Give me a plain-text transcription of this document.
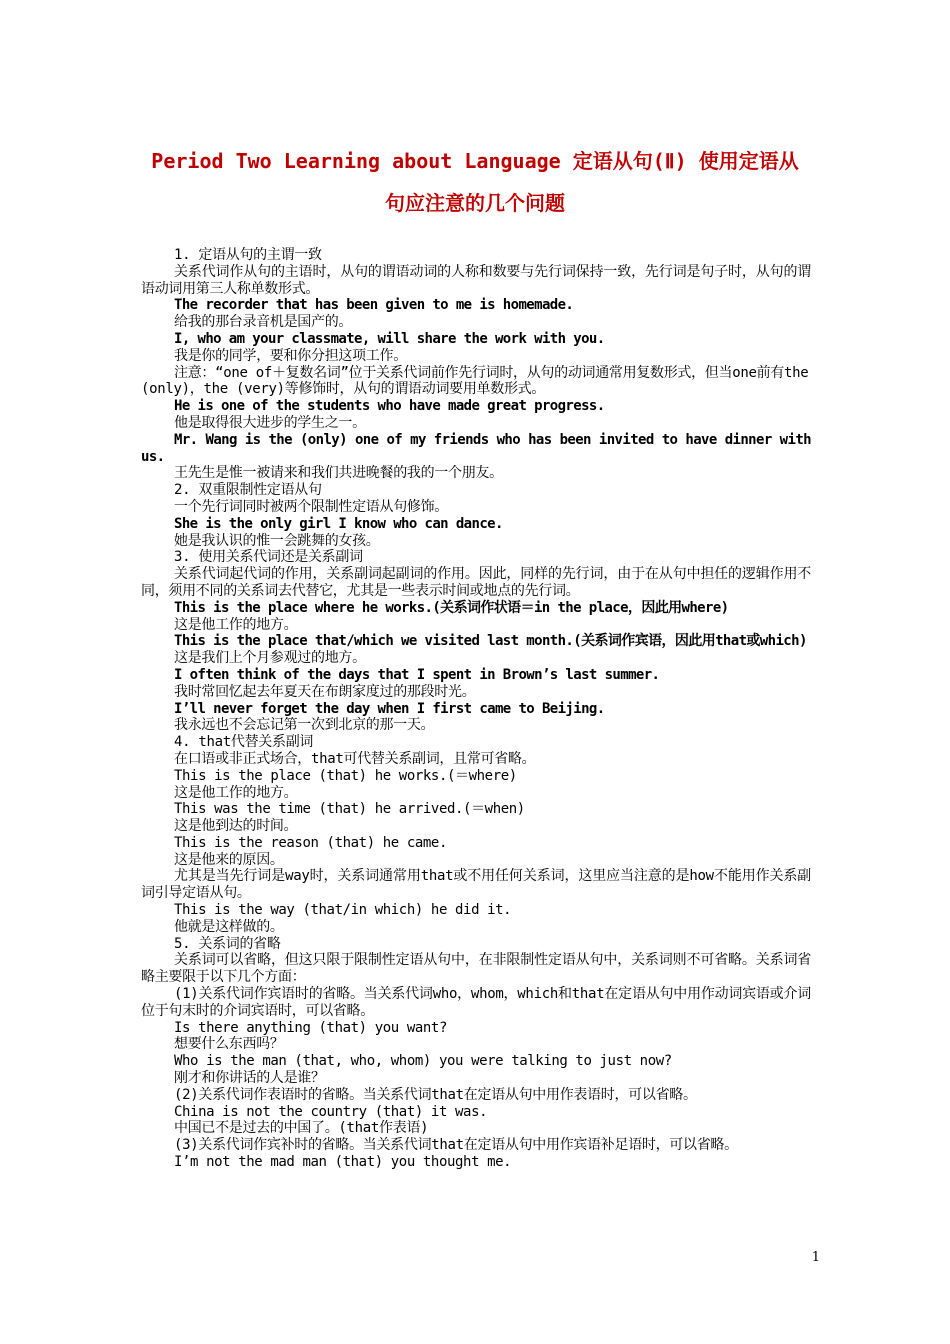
Period Two Learning about Language 定语从句(Ⅱ) 使用定语从
句应注意的几个问题

1. 定语从句的主谓一致

关系代词作从句的主语时，从句的谓语动词的人称和数要与先行词保持一致，先行词是句子时，从句的谓语动词用第三人称单数形式。

The recorder that has been given to me is homemade.

给我的那台录音机是国产的。

I, who am your classmate, will share the work with you.

我是你的同学，要和你分担这项工作。

注意：“one of＋复数名词”位于关系代词前作先行词时，从句的动词通常用复数形式，但当one前有the (only)，the (very)等修饰时，从句的谓语动词要用单数形式。

He is one of the students who have made great progress.

他是取得很大进步的学生之一。

Mr. Wang is the (only) one of my friends who has been invited to have dinner with us.

王先生是惟一被请来和我们共进晚餐的我的一个朋友。

2. 双重限制性定语从句

一个先行词同时被两个限制性定语从句修饰。

She is the only girl I know who can dance.

她是我认识的惟一会跳舞的女孩。

3. 使用关系代词还是关系副词

关系代词起代词的作用，关系副词起副词的作用。因此，同样的先行词，由于在从句中担任的逻辑作用不同，须用不同的关系词去代替它，尤其是一些表示时间或地点的先行词。

This is the place where he works.(关系词作状语＝in the place，因此用where)

这是他工作的地方。

This is the place that/which we visited last month.(关系词作宾语，因此用that或which)

这是我们上个月参观过的地方。

I often think of the days that I spent in Brown’s last summer.

我时常回忆起去年夏天在布朗家度过的那段时光。

I’ll never forget the day when I first came to Beijing.

我永远也不会忘记第一次到北京的那一天。

4. that代替关系副词

在口语或非正式场合，that可代替关系副词，且常可省略。

This is the place (that) he works.(＝where)

这是他工作的地方。

This was the time (that) he arrived.(＝when)

这是他到达的时间。

This is the reason (that) he came.

这是他来的原因。

尤其是当先行词是way时，关系词通常用that或不用任何关系词，这里应当注意的是how不能用作关系副词引导定语从句。

This is the way (that/in which) he did it.

他就是这样做的。

5. 关系词的省略

关系词可以省略，但这只限于限制性定语从句中，在非限制性定语从句中，关系词则不可省略。关系词省略主要限于以下几个方面：

(1)关系代词作宾语时的省略。当关系代词who，whom，which和that在定语从句中用作动词宾语或介词位于句末时的介词宾语时，可以省略。

Is there anything (that) you want?

想要什么东西吗？

Who is the man (that, who, whom) you were talking to just now?

刚才和你讲话的人是谁？

(2)关系代词作表语时的省略。当关系代词that在定语从句中用作表语时，可以省略。

China is not the country (that) it was.

中国已不是过去的中国了。(that作表语)

(3)关系代词作宾补时的省略。当关系代词that在定语从句中用作宾语补足语时，可以省略。

I’m not the mad man (that) you thought me.

1
